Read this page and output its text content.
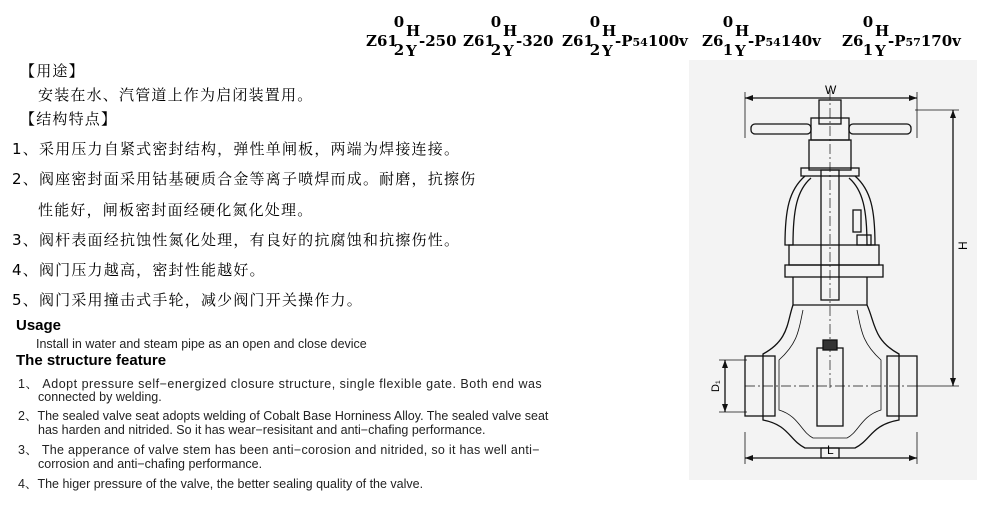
Z61
0
2
H
Y
-250 Z61
0
2
H
Y
-320 Z61
0
2
H
Y
-P54100v Z6
0
1
H
Y
-P54140v Z6
0
1
H
Y
-P57170v
【用途】
安装在水、汽管道上作为启闭装置用。
【结构特点】
1、采用压力自紧式密封结构，弹性单闸板，两端为焊接连接。
2、阀座密封面采用钴基硬质合金等离子喷焊而成。耐磨，抗擦伤
性能好，闸板密封面经硬化氮化处理。
3、阀杆表面经抗蚀性氮化处理，有良好的抗腐蚀和抗擦伤性。
4、阀门压力越高，密封性能越好。
5、阀门采用撞击式手轮，减少阀门开关操作力。
Usage
Install in water and steam pipe as an open and close device
The structure feature
1、 Adopt pressure self−energized closure structure, single flexible gate. Both end was
connected by welding.
2、The sealed valve seat adopts welding of Cobalt Base Horniness Alloy. The sealed valve seat
has harden and nitrided. So it has wear−resisitant and anti−chafing performance.
3、 The apperance of valve stem has been anti−corosion and nitrided, so it has well anti−
corrosion and anti−chafing performance.
4、The higer pressure of the valve, the better sealing quality of the valve.
W
H
D₁
L
